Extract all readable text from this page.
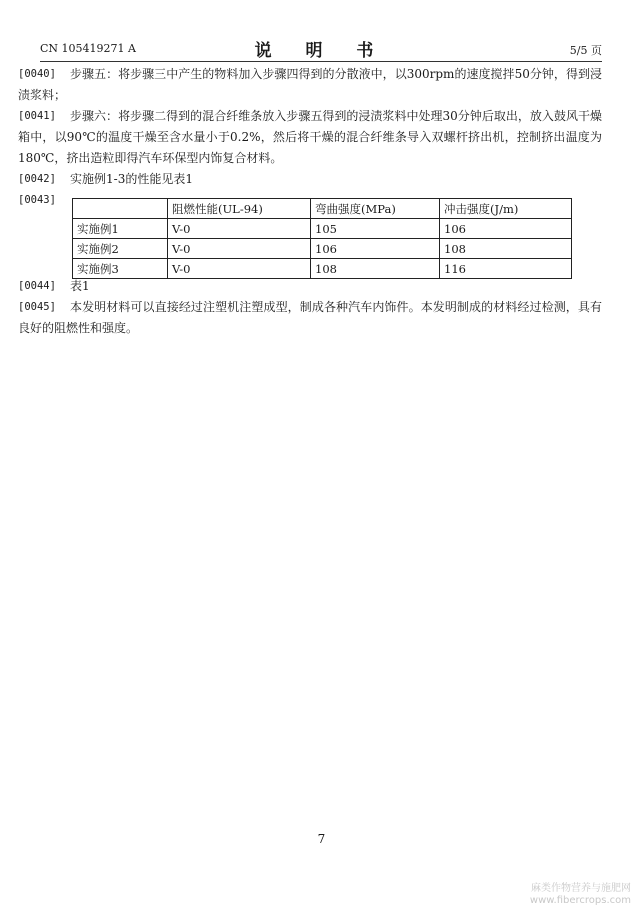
CN 105419271 A	说 明 书	5/5 页
[0040]	步骤五：将步骤三中产生的物料加入步骤四得到的分散液中，以300rpm的速度搅拌50分钟，得到浸渍浆料；
[0041]	步骤六：将步骤二得到的混合纤维条放入步骤五得到的浸渍浆料中处理30分钟后取出，放入鼓风干燥箱中，以90℃的温度干燥至含水量小于0.2%，然后将干燥的混合纤维条导入双螺杆挤出机，控制挤出温度为180℃，挤出造粒即得汽车环保型内饰复合材料。
[0042]	实施例1-3的性能见表1
[0043]

	阻燃性能(UL-94)	弯曲强度(MPa)	冲击强度(J/m)
实施例1	V-0	105	106
实施例2	V-0	106	108
实施例3	V-0	108	116
[0044]	表1
[0045]	本发明材料可以直接经过注塑机注塑成型，制成各种汽车内饰件。本发明制成的材料经过检测，具有良好的阻燃性和强度。
7
麻类作物营养与施肥网
www.fibercrops.com
